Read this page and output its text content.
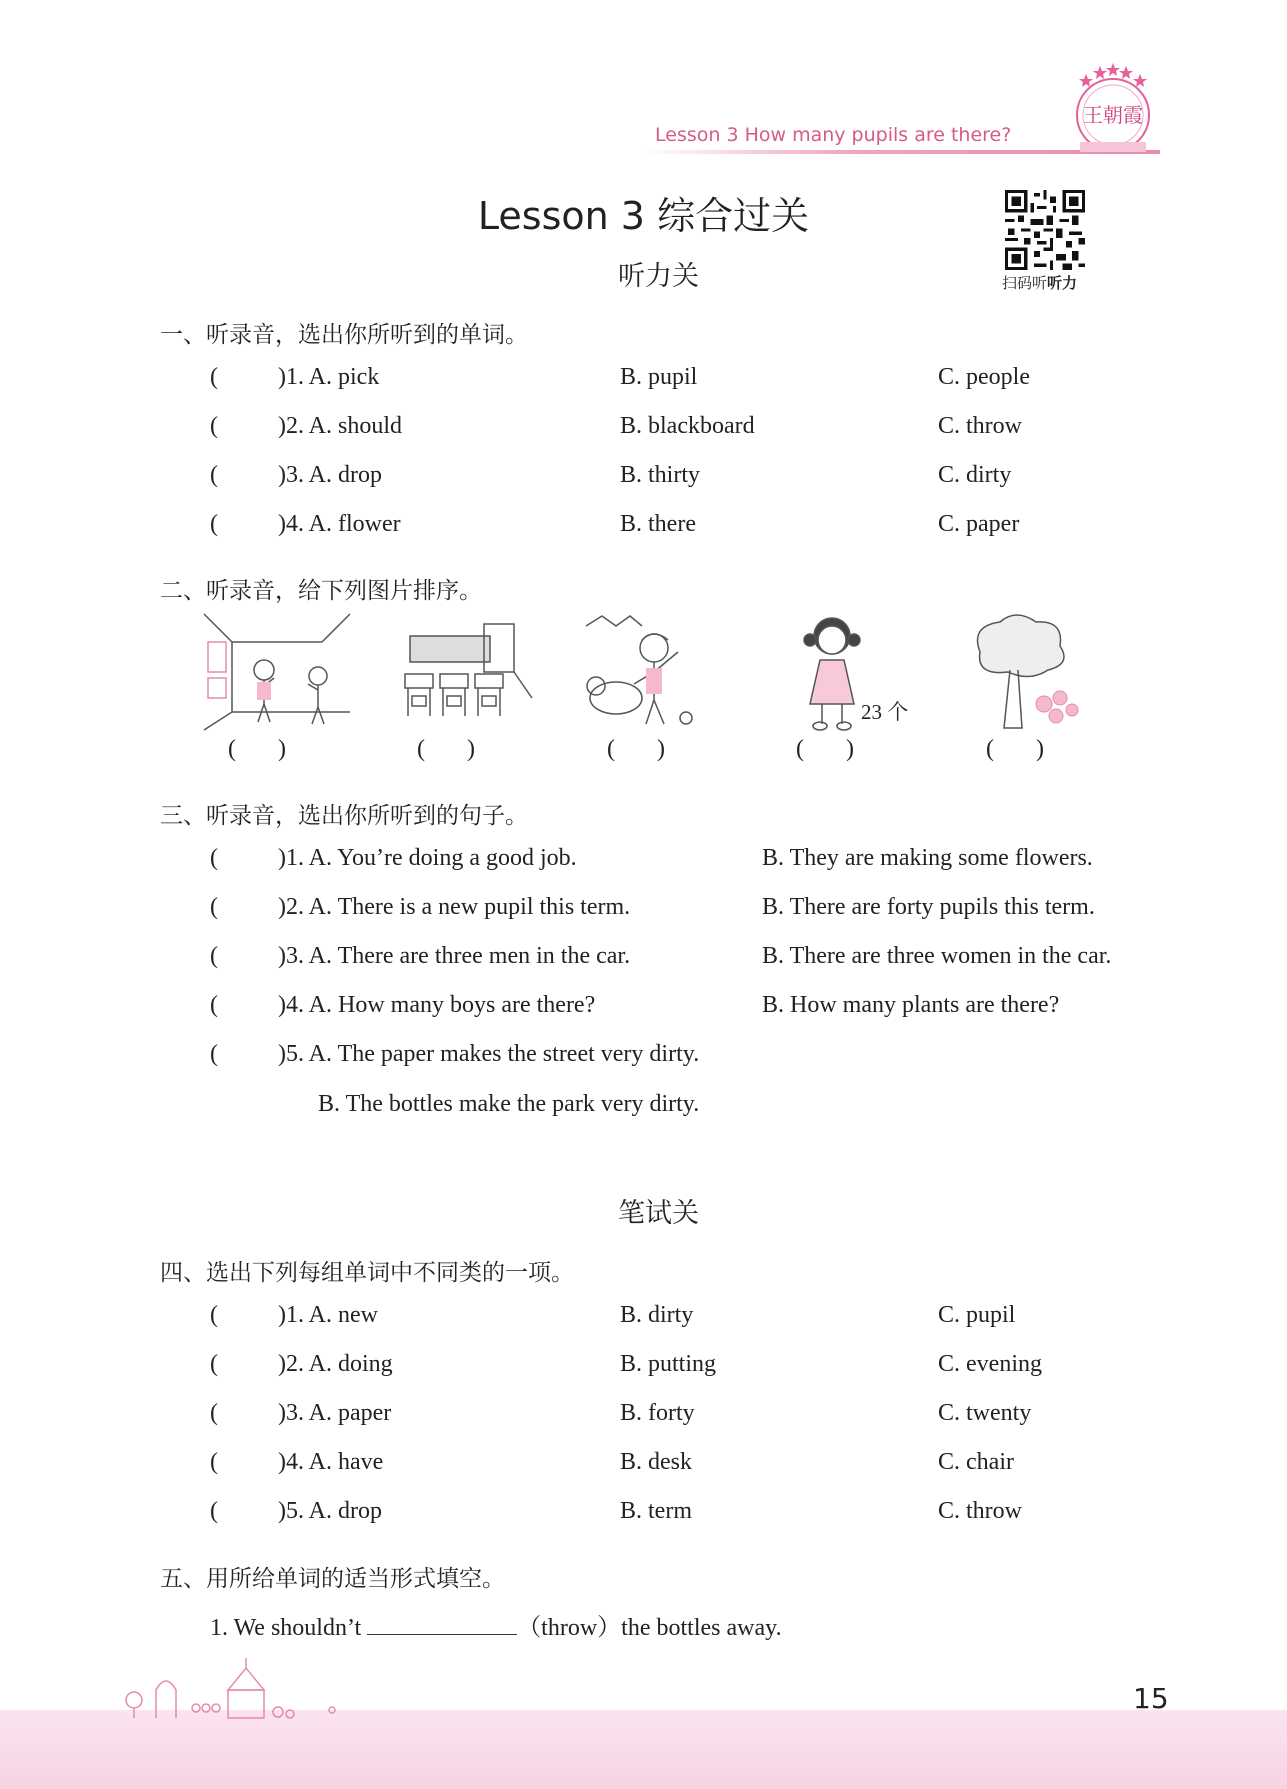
Lesson 3 How many pupils are there?
王朝霞
Lesson 3 综合过关
扫码听听力
听力关
一、听录音，选出你所听到的单词。
(	)1. A. pick	B. pupil	C. people
(	)2. A. should	B. blackboard	C. throw
(	)3. A. drop	B. thirty	C. dirty
(	)4. A. flower	B. there	C. paper
二、听录音，给下列图片排序。
23 个
( )	( )	( )	( )	( )
三、听录音，选出你所听到的句子。
(	)1. A. You’re doing a good job.	B. They are making some flowers.
(	)2. A. There is a new pupil this term.	B. There are forty pupils this term.
(	)3. A. There are three men in the car.	B. There are three women in the car.
(	)4. A. How many boys are there?	B. How many plants are there?
(	)5. A. The paper makes the street very dirty.
B. The bottles make the park very dirty.
笔试关
四、选出下列每组单词中不同类的一项。
(	)1. A. new	B. dirty	C. pupil
(	)2. A. doing	B. putting	C. evening
(	)3. A. paper	B. forty	C. twenty
(	)4. A. have	B. desk	C. chair
(	)5. A. drop	B. term	C. throw
五、用所给单词的适当形式填空。
1. We shouldn’t	（throw）the bottles away.
15
